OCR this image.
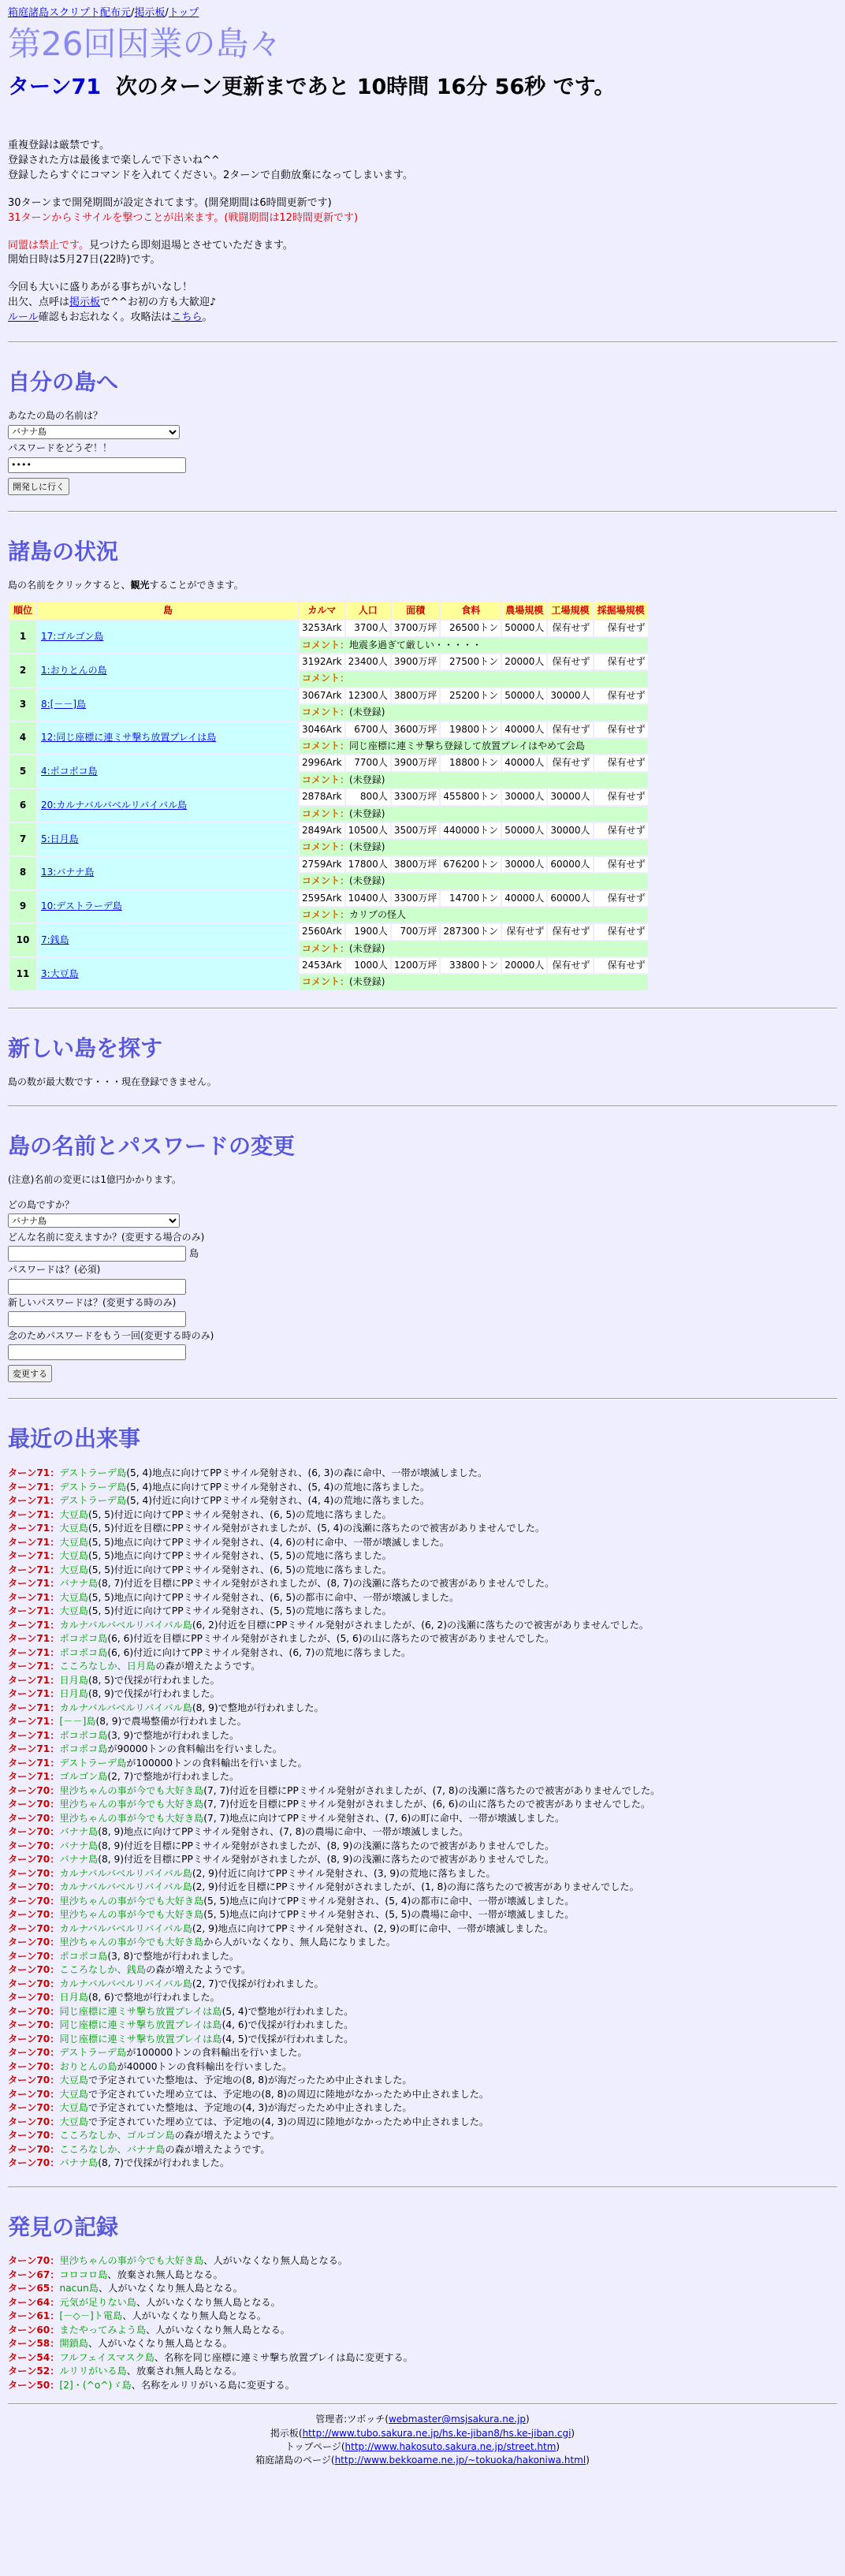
箱庭諸島スクリプト配布元/掲示板/トップ
第26回因業の島々
ターン71 次のターン更新まであと 10時間 16分 56秒 です。

重複登録は厳禁です。

登録された方は最後まで楽しんで下さいね^^

登録したらすぐにコマンドを入れてください。2ターンで自動放棄になってしまいます。

30ターンまで開発期間が設定されてます。(開発期間は6時間更新です)

31ターンからミサイルを撃つことが出来ます。(戦闘期間は12時間更新です)

同盟は禁止です。見つけたら即刻退場とさせていただきます。

開始日時は5月27日(22時)です。

今回も大いに盛りあがる事ちがいなし！

出欠、点呼は掲示板で^^お初の方も大歓迎♪

ルール確認もお忘れなく。攻略法はこちら。

自分の島へ
あなたの島の名前は？
バナナ島
パスワードをどうぞ！！
開発しに行く
諸島の状況
島の名前をクリックすると、観光することができます。
順位	島	カルマ	人口	面積	食料	農場規模	工場規模	採掘場規模
1	17:ゴルゴン島	3253Ark	3700人	3700万坪	26500トン	50000人	保有せず	保有せず
		コメント：地震多過ぎて厳しい・・・・・						
2	1:おりとんの島	3192Ark	23400人	3900万坪	27500トン	20000人	保有せず	保有せず
		コメント：						
3	8:[－－]島	3067Ark	12300人	3800万坪	25200トン	50000人	30000人	保有せず
		コメント：(未登録)						
4	12:同じ座標に連ミサ撃ち放置プレイは島	3046Ark	6700人	3600万坪	19800トン	40000人	保有せず	保有せず
		コメント：同じ座標に連ミサ撃ち登録して放置プレイはやめて会島						
5	4:ポコポコ島	2996Ark	7700人	3900万坪	18800トン	40000人	保有せず	保有せず
		コメント：(未登録)						
6	20:カルナバルバベルリバイバル島	2878Ark	800人	3300万坪	455800トン	30000人	30000人	保有せず
		コメント：(未登録)						
7	5:日月島	2849Ark	10500人	3500万坪	440000トン	50000人	30000人	保有せず
		コメント：(未登録)						
8	13:バナナ島	2759Ark	17800人	3800万坪	676200トン	30000人	60000人	保有せず
		コメント：(未登録)						
9	10:デストラーデ島	2595Ark	10400人	3300万坪	14700トン	40000人	60000人	保有せず
		コメント：カリブの怪人						
10	7:銭島	2560Ark	1900人	700万坪	287300トン	保有せず	保有せず	保有せず
		コメント：(未登録)						
11	3:大豆島	2453Ark	1000人	1200万坪	33800トン	20000人	保有せず	保有せず
		コメント：(未登録)						
新しい島を探す
島の数が最大数です・・・現在登録できません。
島の名前とパスワードの変更
(注意)名前の変更には1億円かかります。
どの島ですか？
バナナ島
どんな名前に変えますか？(変更する場合のみ)
島
パスワードは？(必須)
新しいパスワードは？(変更する時のみ)
念のためパスワードをもう一回(変更する時のみ)
変更する
最近の出来事
ターン71：デストラーデ島(5, 4)地点に向けてPPミサイル発射され、(6, 3)の森に命中、一帯が壊滅しました。
ターン71：デストラーデ島(5, 4)地点に向けてPPミサイル発射され、(5, 4)の荒地に落ちました。
ターン71：デストラーデ島(5, 4)付近に向けてPPミサイル発射され、(4, 4)の荒地に落ちました。
ターン71：大豆島(5, 5)付近に向けてPPミサイル発射され、(6, 5)の荒地に落ちました。
ターン71：大豆島(5, 5)付近を目標にPPミサイル発射がされましたが、(5, 4)の浅瀬に落ちたので被害がありませんでした。
ターン71：大豆島(5, 5)地点に向けてPPミサイル発射され、(4, 6)の村に命中、一帯が壊滅しました。
ターン71：大豆島(5, 5)地点に向けてPPミサイル発射され、(5, 5)の荒地に落ちました。
ターン71：大豆島(5, 5)付近に向けてPPミサイル発射され、(6, 5)の荒地に落ちました。
ターン71：バナナ島(8, 7)付近を目標にPPミサイル発射がされましたが、(8, 7)の浅瀬に落ちたので被害がありませんでした。
ターン71：大豆島(5, 5)地点に向けてPPミサイル発射され、(6, 5)の都市に命中、一帯が壊滅しました。
ターン71：大豆島(5, 5)付近に向けてPPミサイル発射され、(5, 5)の荒地に落ちました。
ターン71：カルナバルバベルリバイバル島(6, 2)付近を目標にPPミサイル発射がされましたが、(6, 2)の浅瀬に落ちたので被害がありませんでした。
ターン71：ポコポコ島(6, 6)付近を目標にPPミサイル発射がされましたが、(5, 6)の山に落ちたので被害がありませんでした。
ターン71：ポコポコ島(6, 6)付近に向けてPPミサイル発射され、(6, 7)の荒地に落ちました。
ターン71：こころなしか、日月島の森が増えたようです。
ターン71：日月島(8, 5)で伐採が行われました。
ターン71：日月島(8, 9)で伐採が行われました。
ターン71：カルナバルバベルリバイバル島(8, 9)で整地が行われました。
ターン71：[－－]島(8, 9)で農場整備が行われました。
ターン71：ポコポコ島(3, 9)で整地が行われました。
ターン71：ポコポコ島が90000トンの食料輸出を行いました。
ターン71：デストラーデ島が100000トンの食料輸出を行いました。
ターン71：ゴルゴン島(2, 7)で整地が行われました。
ターン70：里沙ちゃんの事が今でも大好き島(7, 7)付近を目標にPPミサイル発射がされましたが、(7, 8)の浅瀬に落ちたので被害がありませんでした。
ターン70：里沙ちゃんの事が今でも大好き島(7, 7)付近を目標にPPミサイル発射がされましたが、(6, 6)の山に落ちたので被害がありませんでした。
ターン70：里沙ちゃんの事が今でも大好き島(7, 7)地点に向けてPPミサイル発射され、(7, 6)の町に命中、一帯が壊滅しました。
ターン70：バナナ島(8, 9)地点に向けてPPミサイル発射され、(7, 8)の農場に命中、一帯が壊滅しました。
ターン70：バナナ島(8, 9)付近を目標にPPミサイル発射がされましたが、(8, 9)の浅瀬に落ちたので被害がありませんでした。
ターン70：バナナ島(8, 9)付近を目標にPPミサイル発射がされましたが、(8, 9)の浅瀬に落ちたので被害がありませんでした。
ターン70：カルナバルバベルリバイバル島(2, 9)付近に向けてPPミサイル発射され、(3, 9)の荒地に落ちました。
ターン70：カルナバルバベルリバイバル島(2, 9)付近を目標にPPミサイル発射がされましたが、(1, 8)の海に落ちたので被害がありませんでした。
ターン70：里沙ちゃんの事が今でも大好き島(5, 5)地点に向けてPPミサイル発射され、(5, 4)の都市に命中、一帯が壊滅しました。
ターン70：里沙ちゃんの事が今でも大好き島(5, 5)地点に向けてPPミサイル発射され、(5, 5)の農場に命中、一帯が壊滅しました。
ターン70：カルナバルバベルリバイバル島(2, 9)地点に向けてPPミサイル発射され、(2, 9)の町に命中、一帯が壊滅しました。
ターン70：里沙ちゃんの事が今でも大好き島から人がいなくなり、無人島になりました。
ターン70：ポコポコ島(3, 8)で整地が行われました。
ターン70：こころなしか、銭島の森が増えたようです。
ターン70：カルナバルバベルリバイバル島(2, 7)で伐採が行われました。
ターン70：日月島(8, 6)で整地が行われました。
ターン70：同じ座標に連ミサ撃ち放置プレイは島(5, 4)で整地が行われました。
ターン70：同じ座標に連ミサ撃ち放置プレイは島(4, 6)で伐採が行われました。
ターン70：同じ座標に連ミサ撃ち放置プレイは島(4, 5)で伐採が行われました。
ターン70：デストラーデ島が100000トンの食料輸出を行いました。
ターン70：おりとんの島が40000トンの食料輸出を行いました。
ターン70：大豆島で予定されていた整地は、予定地の(8, 8)が海だったため中止されました。
ターン70：大豆島で予定されていた埋め立ては、予定地の(8, 8)の周辺に陸地がなかったため中止されました。
ターン70：大豆島で予定されていた整地は、予定地の(4, 3)が海だったため中止されました。
ターン70：大豆島で予定されていた埋め立ては、予定地の(4, 3)の周辺に陸地がなかったため中止されました。
ターン70：こころなしか、ゴルゴン島の森が増えたようです。
ターン70：こころなしか、バナナ島の森が増えたようです。
ターン70：バナナ島(8, 7)で伐採が行われました。
発見の記録
ターン70：里沙ちゃんの事が今でも大好き島、人がいなくなり無人島となる。
ターン67：コロコロ島、放棄され無人島となる。
ターン65：nacun島、人がいなくなり無人島となる。
ターン64：元気が足りない島、人がいなくなり無人島となる。
ターン61：[－◇－]ト電島、人がいなくなり無人島となる。
ターン60：またやってみよう島、人がいなくなり無人島となる。
ターン58：開鎖島、人がいなくなり無人島となる。
ターン54：フルフェイスマスク島、名称を同じ座標に連ミサ撃ち放置プレイは島に変更する。
ターン52：ルリリがいる島、放棄され無人島となる。
ターン50：[2]・(^o^)ゞ島、名称をルリリがいる島に変更する。
管理者:ツボッチ(webmaster@msjsakura.ne.jp)
掲示板(http://www.tubo.sakura.ne.jp/hs.ke-jiban8/hs.ke-jiban.cgi)
トップページ(http://www.hakosuto.sakura.ne.jp/street.htm)
箱庭諸島のページ(http://www.bekkoame.ne.jp/~tokuoka/hakoniwa.html)
